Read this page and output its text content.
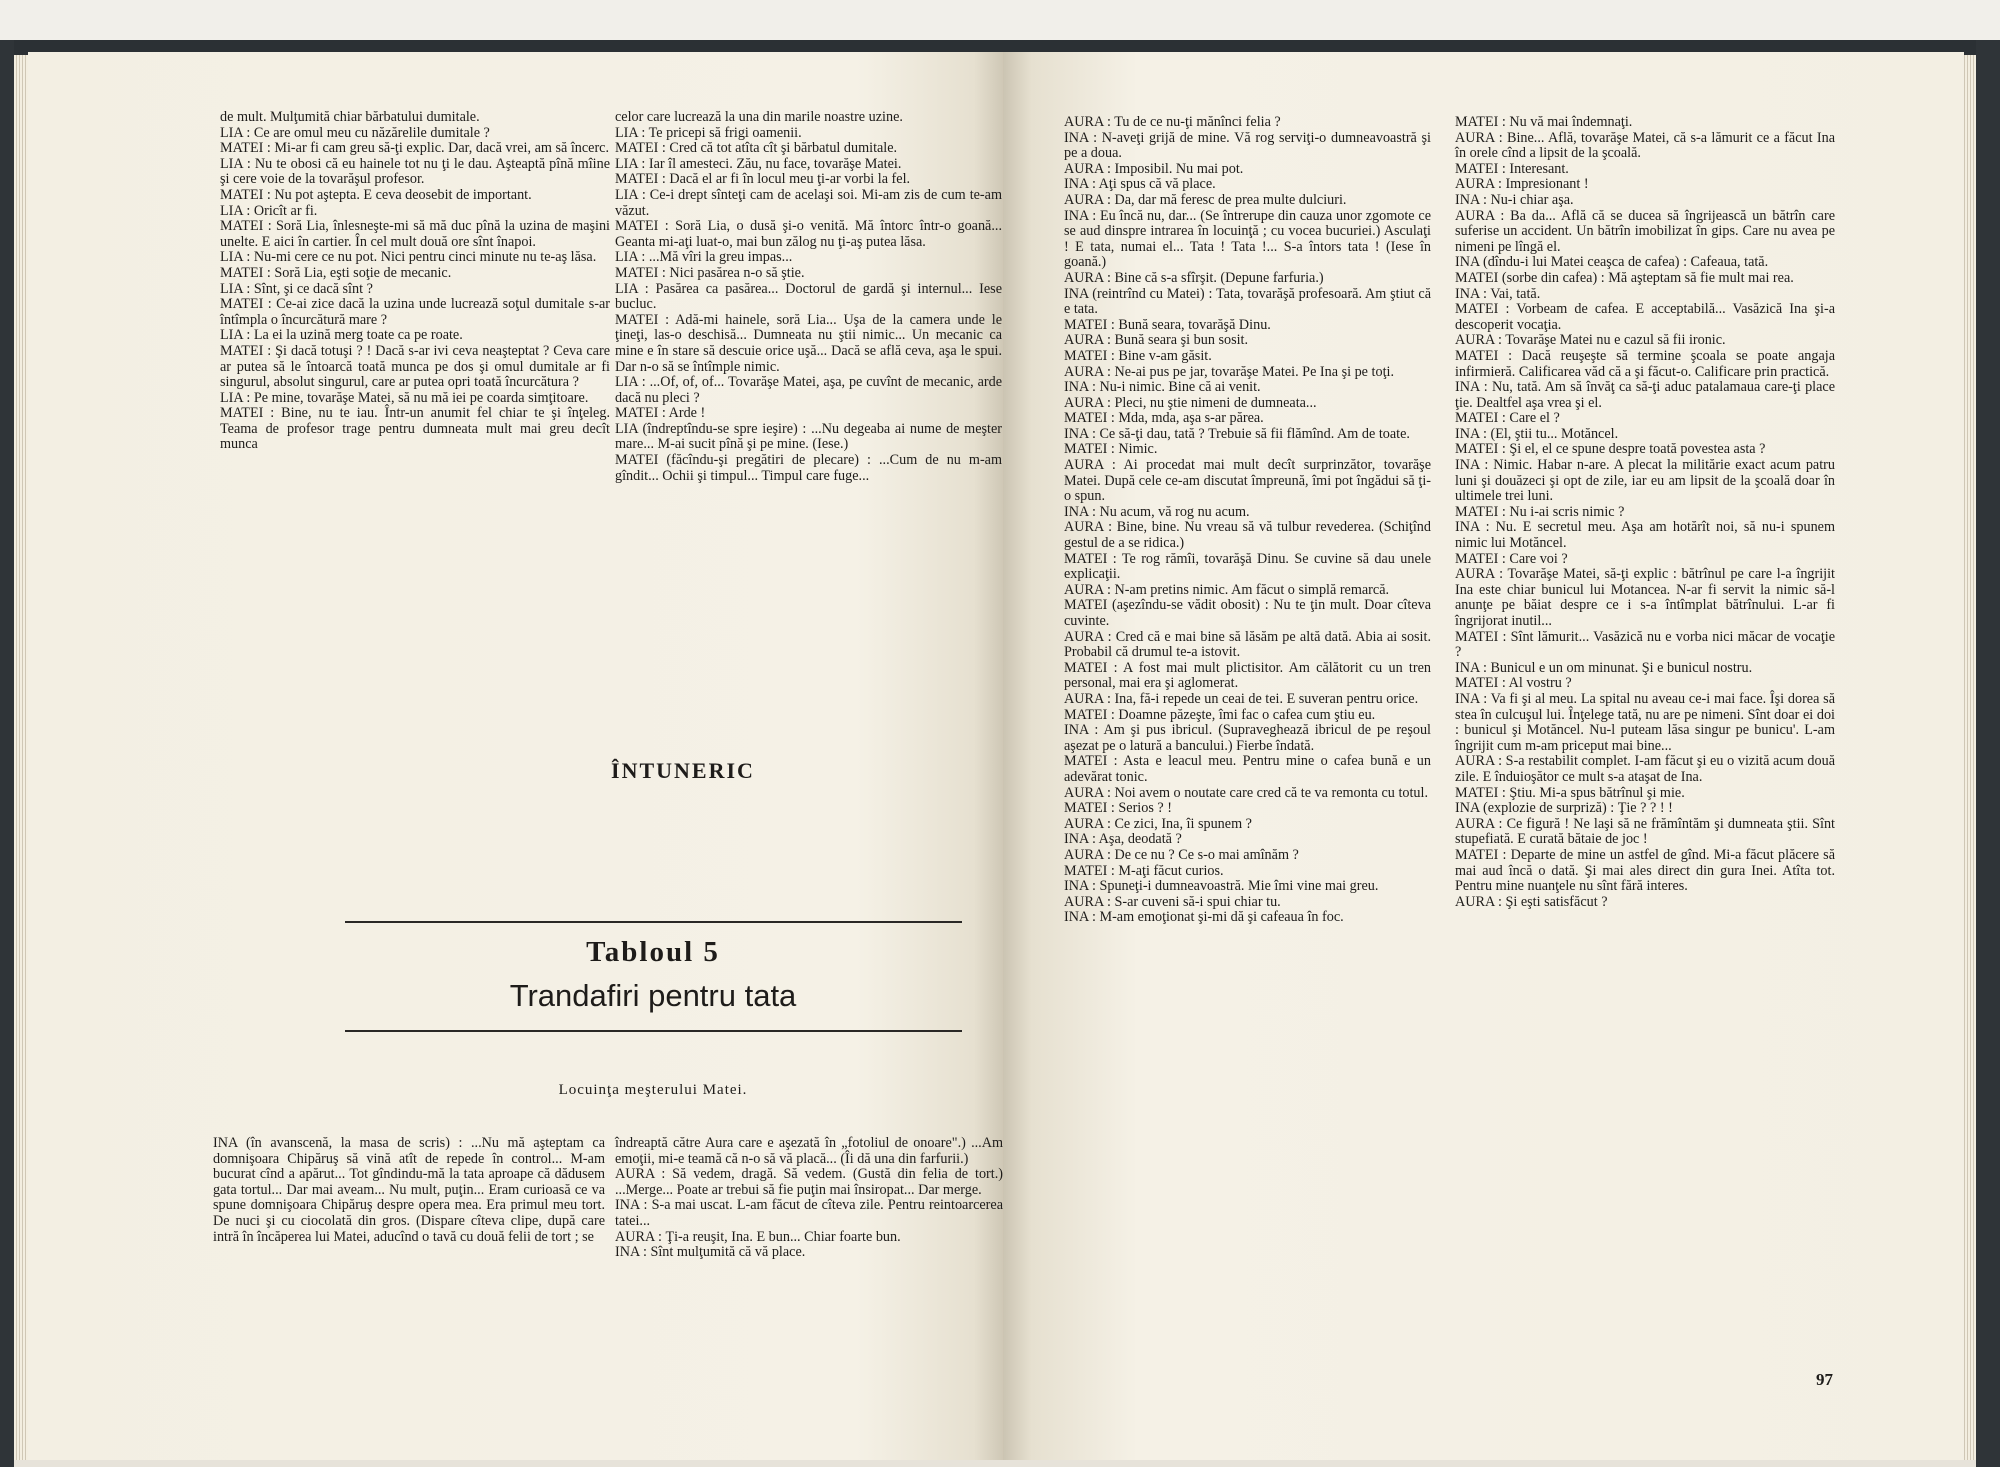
de mult. Mulţumită chiar bărbatului dumitale.

LIA : Ce are omul meu cu năzărelile dumitale ?

MATEI : Mi-ar fi cam greu să-ţi explic. Dar, dacă vrei, am să încerc.

LIA : Nu te obosi că eu hainele tot nu ţi le dau. Aşteaptă pînă mîine şi cere voie de la tovarăşul profesor.

MATEI : Nu pot aştepta. E ceva deosebit de important.

LIA : Oricît ar fi.

MATEI : Soră Lia, înlesneşte-mi să mă duc pînă la uzina de maşini unelte. E aici în cartier. În cel mult două ore sînt înapoi.

LIA : Nu-mi cere ce nu pot. Nici pentru cinci minute nu te-aş lăsa.

MATEI : Soră Lia, eşti soţie de mecanic.

LIA : Sînt, şi ce dacă sînt ?

MATEI : Ce-ai zice dacă la uzina unde lucrează soţul dumitale s-ar întîmpla o încurcătură mare ?

LIA : La ei la uzină merg toate ca pe roate.

MATEI : Şi dacă totuşi ? ! Dacă s-ar ivi ceva neaşteptat ? Ceva care ar putea să le întoarcă toată munca pe dos şi omul dumitale ar fi singurul, absolut singurul, care ar putea opri toată încurcătura ?

LIA : Pe mine, tovarăşe Matei, să nu mă iei pe coarda simţitoare.

MATEI : Bine, nu te iau. Într-un anumit fel chiar te şi înţeleg. Teama de profesor trage pentru dumneata mult mai greu decît munca

celor care lucrează la una din marile noastre uzine.

LIA : Te pricepi să frigi oamenii.

MATEI : Cred că tot atîta cît şi bărbatul dumitale.

LIA : Iar îl amesteci. Zău, nu face, tovarăşe Matei.

MATEI : Dacă el ar fi în locul meu ţi-ar vorbi la fel.

LIA : Ce-i drept sînteţi cam de acelaşi soi. Mi-am zis de cum te-am văzut.

MATEI : Soră Lia, o dusă şi-o venită. Mă întorc într-o goană... Geanta mi-aţi luat-o, mai bun zălog nu ţi-aş putea lăsa.

LIA : ...Mă vîri la greu impas...

MATEI : Nici pasărea n-o să ştie.

LIA : Pasărea ca pasărea... Doctorul de gardă şi internul... Iese bucluc.

MATEI : Adă-mi hainele, soră Lia... Uşa de la camera unde le ţineţi, las-o deschisă... Dumneata nu ştii nimic... Un mecanic ca mine e în stare să descuie orice uşă... Dacă se află ceva, aşa le spui. Dar n-o să se întîmple nimic.

LIA : ...Of, of, of... Tovarăşe Matei, aşa, pe cuvînt de mecanic, arde dacă nu pleci ?

MATEI : Arde !

LIA (îndreptîndu-se spre ieşire) : ...Nu degeaba ai nume de meşter mare... M-ai sucit pînă şi pe mine. (Iese.)

MATEI (făcîndu-şi pregătiri de plecare) : ...Cum de nu m-am gîndit... Ochii şi timpul... Timpul care fuge...

ÎNTUNERIC
Tabloul 5
Trandafiri pentru tata
Locuinţa meşterului Matei.

INA (în avanscenă, la masa de scris) : ...Nu mă aşteptam ca domnişoara Chipăruş să vină atît de repede în control... M-am bucurat cînd a apărut... Tot gîndindu-mă la tata aproape că dădusem gata tortul... Dar mai aveam... Nu mult, puţin... Eram curioasă ce va spune domnişoara Chipăruş despre opera mea. Era primul meu tort. De nuci şi cu ciocolată din gros. (Dispare cîteva clipe, după care intră în încăperea lui Matei, aducînd o tavă cu două felii de tort ; se

îndreaptă către Aura care e aşezată în „fotoliul de onoare".) ...Am emoţii, mi-e teamă că n-o să vă placă... (Îi dă una din farfurii.)

AURA : Să vedem, dragă. Să vedem. (Gustă din felia de tort.) ...Merge... Poate ar trebui să fie puţin mai însiropat... Dar merge.

INA : S-a mai uscat. L-am făcut de cîteva zile. Pentru reintoarcerea tatei...

AURA : Ţi-a reuşit, Ina. E bun... Chiar foarte bun.

INA : Sînt mulţumită că vă place.

AURA : Tu de ce nu-ţi mănînci felia ?

INA : N-aveţi grijă de mine. Vă rog serviţi-o dumneavoastră şi pe a doua.

AURA : Imposibil. Nu mai pot.

INA : Aţi spus că vă place.

AURA : Da, dar mă feresc de prea multe dulciuri.

INA : Eu încă nu, dar... (Se întrerupe din cauza unor zgomote ce se aud dinspre intrarea în locuinţă ; cu vocea bucuriei.) Asculaţi ! E tata, numai el... Tata ! Tata !... S-a întors tata ! (Iese în goană.)

AURA : Bine că s-a sfîrşit. (Depune farfuria.)

INA (reintrînd cu Matei) : Tata, tovarăşă profesoară. Am ştiut că e tata.

MATEI : Bună seara, tovarăşă Dinu.

AURA : Bună seara şi bun sosit.

MATEI : Bine v-am găsit.

AURA : Ne-ai pus pe jar, tovarăşe Matei. Pe Ina şi pe toţi.

INA : Nu-i nimic. Bine că ai venit.

AURA : Pleci, nu ştie nimeni de dumneata...

MATEI : Mda, mda, aşa s-ar părea.

INA : Ce să-ţi dau, tată ? Trebuie să fii flămînd. Am de toate.

MATEI : Nimic.

AURA : Ai procedat mai mult decît surprinzător, tovarăşe Matei. După cele ce-am discutat împreună, îmi pot îngădui să ţi-o spun.

INA : Nu acum, vă rog nu acum.

AURA : Bine, bine. Nu vreau să vă tulbur revederea. (Schiţînd gestul de a se ridica.)

MATEI : Te rog rămîi, tovarăşă Dinu. Se cuvine să dau unele explicaţii.

AURA : N-am pretins nimic. Am făcut o simplă remarcă.

MATEI (aşezîndu-se vădit obosit) : Nu te ţin mult. Doar cîteva cuvinte.

AURA : Cred că e mai bine să lăsăm pe altă dată. Abia ai sosit. Probabil că drumul te-a istovit.

MATEI : A fost mai mult plictisitor. Am călătorit cu un tren personal, mai era şi aglomerat.

AURA : Ina, fă-i repede un ceai de tei. E suveran pentru orice.

MATEI : Doamne păzeşte, îmi fac o cafea cum ştiu eu.

INA : Am şi pus ibricul. (Supraveghează ibricul de pe reşoul aşezat pe o latură a bancului.) Fierbe îndată.

MATEI : Asta e leacul meu. Pentru mine o cafea bună e un adevărat tonic.

AURA : Noi avem o noutate care cred că te va remonta cu totul.

MATEI : Serios ? !

AURA : Ce zici, Ina, îi spunem ?

INA : Aşa, deodată ?

AURA : De ce nu ? Ce s-o mai amînăm ?

MATEI : M-aţi făcut curios.

INA : Spuneţi-i dumneavoastră. Mie îmi vine mai greu.

AURA : S-ar cuveni să-i spui chiar tu.

INA : M-am emoţionat şi-mi dă şi cafeaua în foc.

MATEI : Nu vă mai îndemnaţi.

AURA : Bine... Află, tovarăşe Matei, că s-a lămurit ce a făcut Ina în orele cînd a lipsit de la şcoală.

MATEI : Interesant.

AURA : Impresionant !

INA : Nu-i chiar aşa.

AURA : Ba da... Află că se ducea să îngrijească un bătrîn care suferise un accident. Un bătrîn imobilizat în gips. Care nu avea pe nimeni pe lîngă el.

INA (dîndu-i lui Matei ceaşca de cafea) : Cafeaua, tată.

MATEI (sorbe din cafea) : Mă aşteptam să fie mult mai rea.

INA : Vai, tată.

MATEI : Vorbeam de cafea. E acceptabilă... Vasăzică Ina şi-a descoperit vocaţia.

AURA : Tovarăşe Matei nu e cazul să fii ironic.

MATEI : Dacă reuşeşte să termine şcoala se poate angaja infirmieră. Calificarea văd că a şi făcut-o. Calificare prin practică.

INA : Nu, tată. Am să învăţ ca să-ţi aduc patalamaua care-ţi place ţie. Dealtfel aşa vrea şi el.

MATEI : Care el ?

INA : (El, ştii tu... Motăncel.

MATEI : Şi el, el ce spune despre toată povestea asta ?

INA : Nimic. Habar n-are. A plecat la militărie exact acum patru luni şi douăzeci şi opt de zile, iar eu am lipsit de la şcoală doar în ultimele trei luni.

MATEI : Nu i-ai scris nimic ?

INA : Nu. E secretul meu. Aşa am hotărît noi, să nu-i spunem nimic lui Motăncel.

MATEI : Care voi ?

AURA : Tovarăşe Matei, să-ţi explic : bătrînul pe care l-a îngrijit Ina este chiar bunicul lui Motancea. N-ar fi servit la nimic să-l anunţe pe băiat despre ce i s-a întîmplat bătrînului. L-ar fi îngrijorat inutil...

MATEI : Sînt lămurit... Vasăzică nu e vorba nici măcar de vocaţie ?

INA : Bunicul e un om minunat. Şi e bunicul nostru.

MATEI : Al vostru ?

INA : Va fi şi al meu. La spital nu aveau ce-i mai face. Îşi dorea să stea în culcuşul lui. Înţelege tată, nu are pe nimeni. Sînt doar ei doi : bunicul şi Motăncel. Nu-l puteam lăsa singur pe bunicu'. L-am îngrijit cum m-am priceput mai bine...

AURA : S-a restabilit complet. I-am făcut şi eu o vizită acum două zile. E înduioşător ce mult s-a ataşat de Ina.

MATEI : Ştiu. Mi-a spus bătrînul şi mie.

INA (explozie de surpriză) : Ţie ? ? ! !

AURA : Ce figură ! Ne laşi să ne frămîntăm şi dumneata ştii. Sînt stupefiată. E curată bătaie de joc !

MATEI : Departe de mine un astfel de gînd. Mi-a făcut plăcere să mai aud încă o dată. Şi mai ales direct din gura Inei. Atîta tot. Pentru mine nuanţele nu sînt fără interes.

AURA : Şi eşti satisfăcut ?

97
